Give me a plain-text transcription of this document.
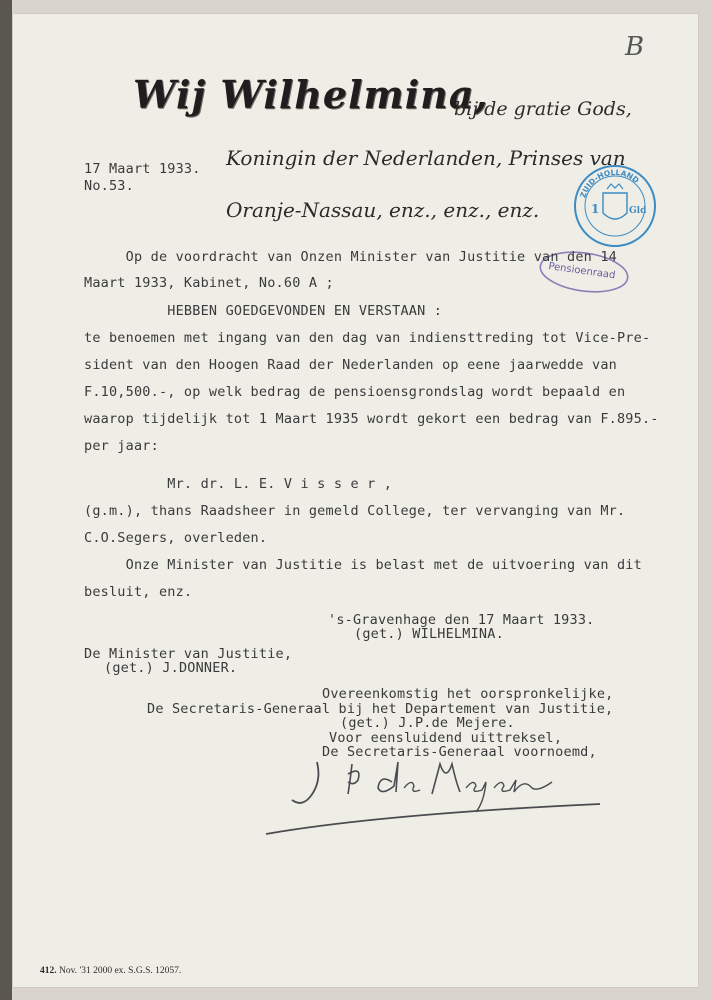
B
Wij Wilhelmina,
bij de gratie Gods,
Koningin der Nederlanden, Prinses van
Oranje-Nassau, enz., enz., enz.
17 Maart 1933.
No.53.
1	Gld
ZUID-HOLLAND
Pensioenraad
Op de voordracht van Onzen Minister van Justitie van den 14
Maart 1933, Kabinet, No.60 A ;
HEBBEN GOEDGEVONDEN EN VERSTAAN :
te benoemen met ingang van den dag van indiensttreding tot Vice-Pre-
sident van den Hoogen Raad der Nederlanden op eene jaarwedde van
F.10,500.-, op welk bedrag de pensioensgrondslag wordt bepaald en
waarop tijdelijk tot 1 Maart 1935 wordt gekort een bedrag van F.895.-
per jaar:
Mr. dr. L. E. V i s s e r ,
(g.m.), thans Raadsheer in gemeld College, ter vervanging van Mr.
C.O.Segers, overleden.
Onze Minister van Justitie is belast met de uitvoering van dit
besluit, enz.
's-Gravenhage den 17 Maart 1933.
(get.) WILHELMINA.
De Minister van Justitie,
(get.) J.DONNER.
Overeenkomstig het oorspronkelijke,
De Secretaris-Generaal bij het Departement van Justitie,
(get.) J.P.de Mejere.
Voor eensluidend uittreksel,
De Secretaris-Generaal voornoemd,
412. Nov. '31 2000 ex. S.G.S. 12057.
